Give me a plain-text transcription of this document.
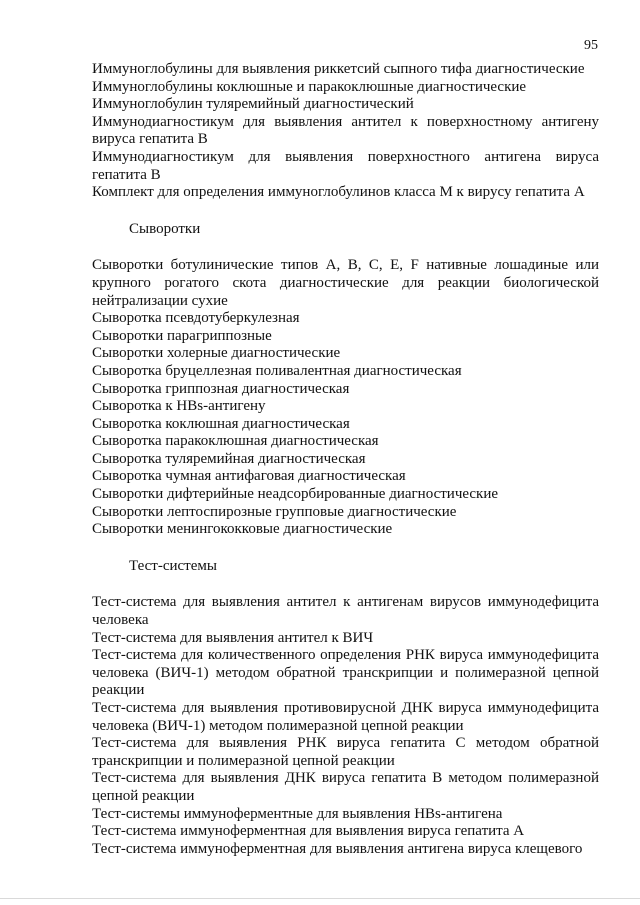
95

Иммуноглобулины для выявления риккетсий сыпного тифа диагностические

Иммуноглобулины коклюшные и паракоклюшные диагностические

Иммуноглобулин туляремийный диагностический

Иммунодиагностикум для выявления антител к поверхностному антигену вируса гепатита В

Иммунодиагностикум для выявления поверхностного антигена вируса гепатита В

Комплект для определения иммуноглобулинов класса М к вирусу гепатита А

Сыворотки

Сыворотки ботулинические типов А, В, С, Е, F нативные лошадиные или крупного рогатого скота диагностические для реакции биологической нейтрализации сухие

Сыворотка псевдотуберкулезная

Сыворотки парагриппозные

Сыворотки холерные диагностические

Сыворотка бруцеллезная поливалентная диагностическая

Сыворотка гриппозная диагностическая

Сыворотка к HBs-антигену

Сыворотка коклюшная диагностическая

Сыворотка паракоклюшная диагностическая

Сыворотка туляремийная диагностическая

Сыворотка чумная антифаговая диагностическая

Сыворотки дифтерийные неадсорбированные диагностические

Сыворотки лептоспирозные групповые диагностические

Сыворотки менингококковые диагностические

Тест-системы

Тест-система для выявления антител к антигенам вирусов иммунодефицита человека

Тест-система для выявления антител к ВИЧ

Тест-система для количественного определения РНК вируса иммунодефицита человека (ВИЧ-1) методом обратной транскрипции и полимеразной цепной реакции

Тест-система для выявления противовирусной ДНК вируса иммунодефицита человека (ВИЧ-1) методом полимеразной цепной реакции

Тест-система для выявления РНК вируса гепатита С методом обратной транскрипции и полимеразной цепной реакции

Тест-система для выявления ДНК вируса гепатита В методом полимеразной цепной реакции

Тест-системы иммуноферментные для выявления HBs-антигена

Тест-система иммуноферментная для выявления вируса гепатита А

Тест-система иммуноферментная для выявления антигена вируса клещевого
